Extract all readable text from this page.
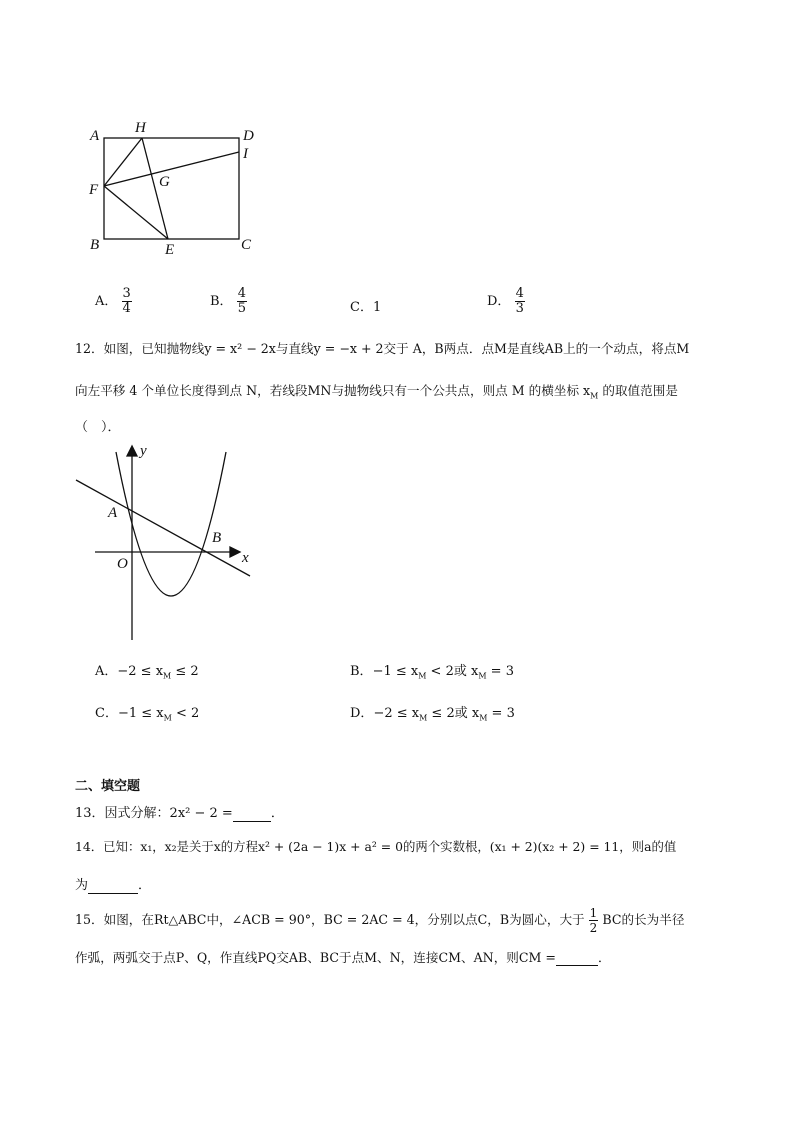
A H	D
I
F	G
B	E	C
A． $\frac{3}{4}$	B． $\frac{4}{5}$	C．1	D． $\frac{4}{3}$
12．如图，已知抛物线y = x² − 2x与直线y = −x + 2交于 A，B两点．点M是直线AB上的一个动点，将点M
向左平移 4 个单位长度得到点 N，若线段MN与抛物线只有一个公共点，则点 M 的横坐标 $x_M$ 的取值范围是
（　）．
y
A
B
O	x
A．$-2 \le x_M \le 2$	B．$-1 \le x_M < 2$或 $x_M = 3$
C．$-1 \le x_M < 2$	D．$-2 \le x_M \le 2$或 $x_M = 3$
二、填空题
13．因式分解：2x² − 2 =	．
14．已知：x₁，x₂是关于x的方程x² + (2a − 1)x + a² = 0的两个实数根，(x₁ + 2)(x₂ + 2) = 11，则a的值
为	．
15．如图，在Rt△ABC中，∠ACB = 90°，BC = 2AC = 4，分别以点C，B为圆心，大于 $\frac{1}{2}$ BC的长为半径
作弧，两弧交于点P、Q，作直线PQ交AB、BC于点M、N，连接CM、AN，则CM =	．
